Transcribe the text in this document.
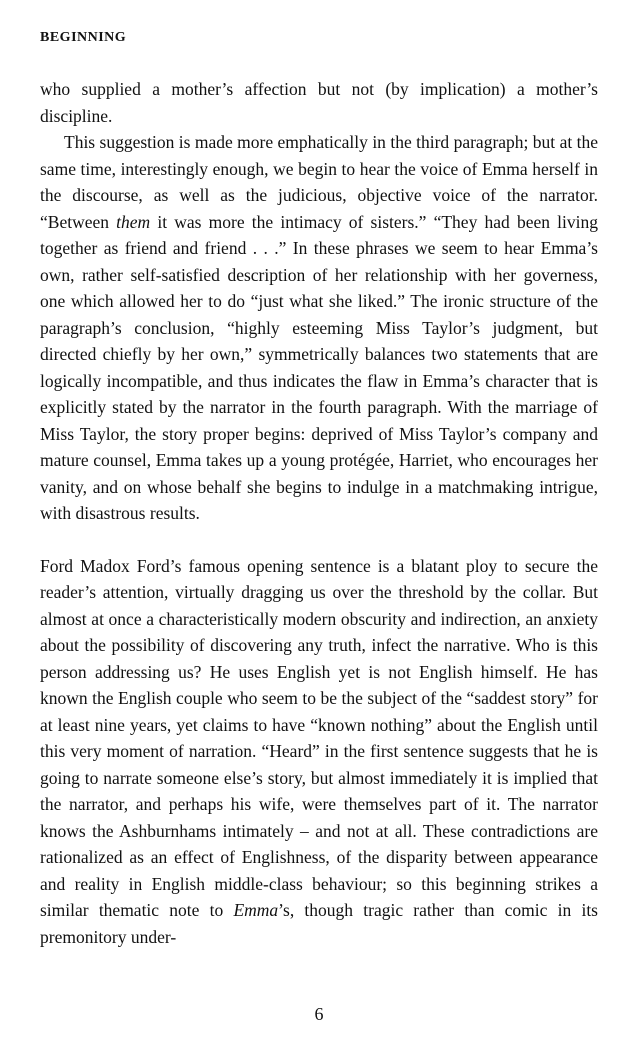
BEGINNING

who supplied a mother’s affection but not (by implication) a mother’s discipline.

This suggestion is made more emphatically in the third paragraph; but at the same time, interestingly enough, we begin to hear the voice of Emma herself in the discourse, as well as the judicious, objective voice of the narrator. “Between them it was more the intimacy of sisters.” “They had been living together as friend and friend . . .” In these phrases we seem to hear Emma’s own, rather self-satisfied description of her relationship with her governess, one which allowed her to do “just what she liked.” The ironic structure of the paragraph’s conclusion, “highly esteeming Miss Taylor’s judgment, but directed chiefly by her own,” symmetrically balances two statements that are logically incompatible, and thus indicates the flaw in Emma’s character that is explicitly stated by the narrator in the fourth paragraph. With the marriage of Miss Taylor, the story proper begins: deprived of Miss Taylor’s company and mature counsel, Emma takes up a young protégée, Harriet, who encourages her vanity, and on whose behalf she begins to indulge in a matchmaking intrigue, with disastrous results.

Ford Madox Ford’s famous opening sentence is a blatant ploy to secure the reader’s attention, virtually dragging us over the threshold by the collar. But almost at once a characteristically modern obscurity and indirection, an anxiety about the possibility of discovering any truth, infect the narrative. Who is this person addressing us? He uses English yet is not English himself. He has known the English couple who seem to be the subject of the “saddest story” for at least nine years, yet claims to have “known nothing” about the English until this very moment of narration. “Heard” in the first sentence suggests that he is going to narrate someone else’s story, but almost immediately it is implied that the narrator, and perhaps his wife, were themselves part of it. The narrator knows the Ashburnhams intimately – and not at all. These contradictions are rationalized as an effect of Englishness, of the disparity between appearance and reality in English middle-class behaviour; so this beginning strikes a similar thematic note to Emma’s, though tragic rather than comic in its premonitory under-

6
